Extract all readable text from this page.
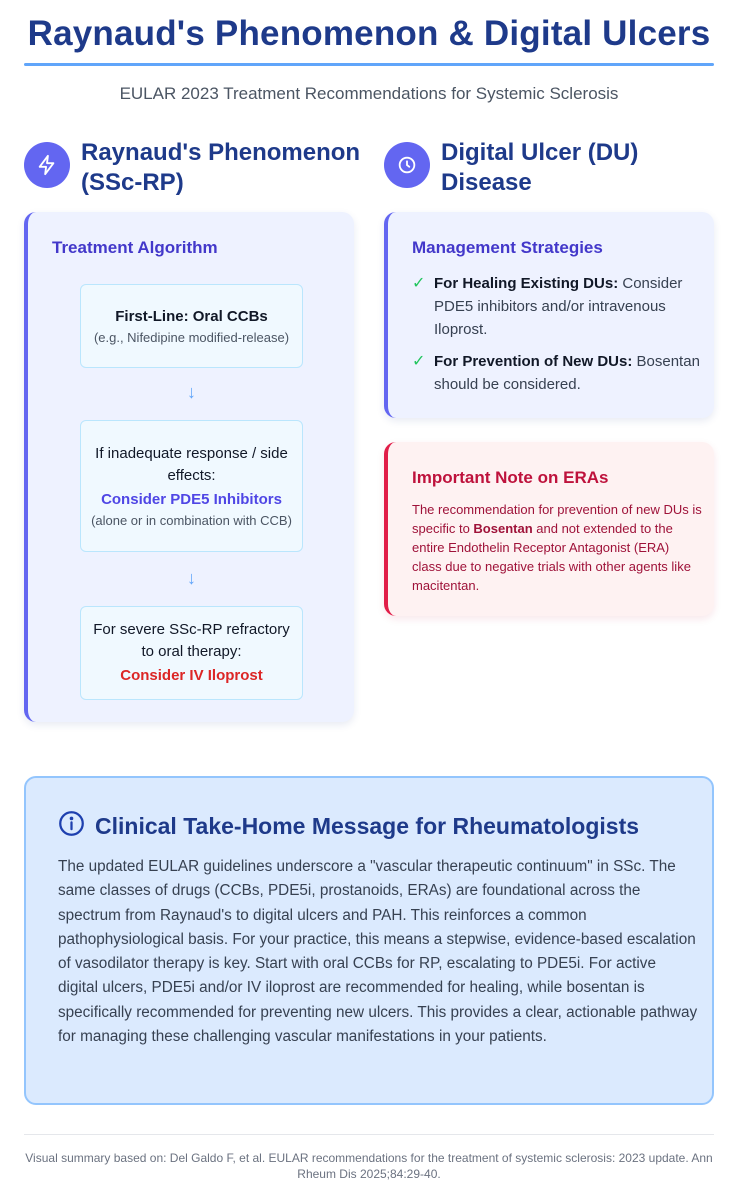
Raynaud's Phenomenon & Digital Ulcers
EULAR 2023 Treatment Recommendations for Systemic Sclerosis
Raynaud's Phenomenon
(SSc-RP)
Treatment Algorithm
First-Line: Oral CCBs
(e.g., Nifedipine modified-release)
↓
If inadequate response / side effects:
Consider PDE5 Inhibitors
(alone or in combination with CCB)
↓
For severe SSc-RP refractory to oral therapy:
Consider IV Iloprost
Digital Ulcer (DU)
Disease
Management Strategies
✓ For Healing Existing DUs: Consider PDE5 inhibitors and/or intravenous Iloprost.
✓ For Prevention of New DUs: Bosentan should be considered.
Important Note on ERAs
The recommendation for prevention of new DUs is specific to Bosentan and not extended to the entire Endothelin Receptor Antagonist (ERA) class due to negative trials with other agents like macitentan.
Clinical Take-Home Message for Rheumatologists
The updated EULAR guidelines underscore a "vascular therapeutic continuum" in SSc. The same classes of drugs (CCBs, PDE5i, prostanoids, ERAs) are foundational across the spectrum from Raynaud's to digital ulcers and PAH. This reinforces a common pathophysiological basis. For your practice, this means a stepwise, evidence-based escalation of vasodilator therapy is key. Start with oral CCBs for RP, escalating to PDE5i. For active digital ulcers, PDE5i and/or IV iloprost are recommended for healing, while bosentan is specifically recommended for preventing new ulcers. This provides a clear, actionable pathway for managing these challenging vascular manifestations in your patients.
Visual summary based on: Del Galdo F, et al. EULAR recommendations for the treatment of systemic sclerosis: 2023 update. Ann Rheum Dis 2025;84:29-40.
